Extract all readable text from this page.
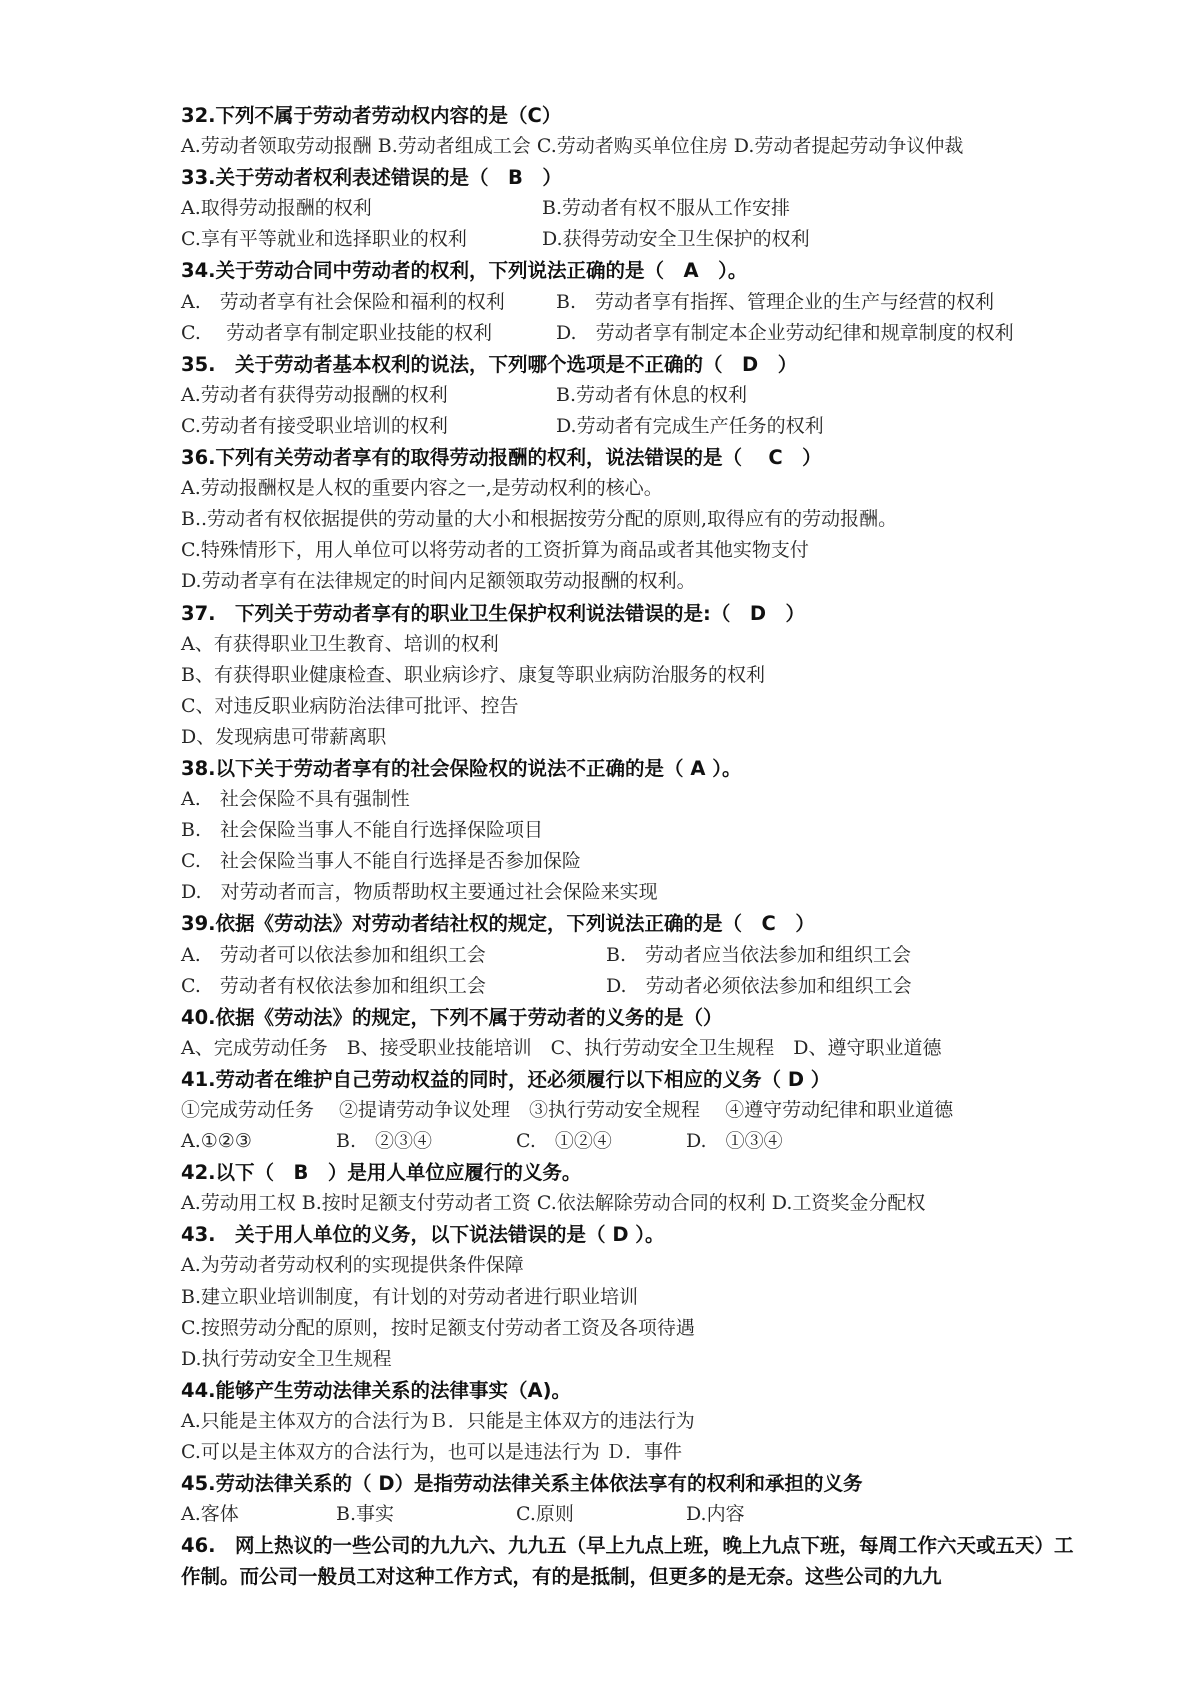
32.下列不属于劳动者劳动权内容的是（C）
A.劳动者领取劳动报酬 B.劳动者组成工会 C.劳动者购买单位住房 D.劳动者提起劳动争议仲裁
33.关于劳动者权利表述错误的是（　B　）
A.取得劳动报酬的权利	B.劳动者有权不服从工作安排
C.享有平等就业和选择职业的权利	D.获得劳动安全卫生保护的权利
34.关于劳动合同中劳动者的权利，下列说法正确的是（　A　）。
A.　劳动者享有社会保险和福利的权利	B.　劳动者享有指挥、管理企业的生产与经营的权利
C.　 劳动者享有制定职业技能的权利	D.　劳动者享有制定本企业劳动纪律和规章制度的权利
35.　关于劳动者基本权利的说法，下列哪个选项是不正确的（　D　）
A.劳动者有获得劳动报酬的权利	B.劳动者有休息的权利
C.劳动者有接受职业培训的权利	D.劳动者有完成生产任务的权利
36.下列有关劳动者享有的取得劳动报酬的权利，说法错误的是（　 C　）
A.劳动报酬权是人权的重要内容之一,是劳动权利的核心。
B..劳动者有权依据提供的劳动量的大小和根据按劳分配的原则,取得应有的劳动报酬。
C.特殊情形下，用人单位可以将劳动者的工资折算为商品或者其他实物支付
D.劳动者享有在法律规定的时间内足额领取劳动报酬的权利。
37.　下列关于劳动者享有的职业卫生保护权利说法错误的是:（　D　）
A、有获得职业卫生教育、培训的权利
B、有获得职业健康检查、职业病诊疗、康复等职业病防治服务的权利
C、对违反职业病防治法律可批评、控告
D、发现病患可带薪离职
38.以下关于劳动者享有的社会保险权的说法不正确的是（ A ）。
A.　社会保险不具有强制性
B.　社会保险当事人不能自行选择保险项目
C.　社会保险当事人不能自行选择是否参加保险
D.　对劳动者而言，物质帮助权主要通过社会保险来实现
39.依据《劳动法》对劳动者结社权的规定，下列说法正确的是（　C　）
A.　劳动者可以依法参加和组织工会	B.　劳动者应当依法参加和组织工会
C.　劳动者有权依法参加和组织工会	D.　劳动者必须依法参加和组织工会
40.依据《劳动法》的规定，下列不属于劳动者的义务的是（）
A、完成劳动任务　B、接受职业技能培训　C、执行劳动安全卫生规程　D、遵守职业道德
41.劳动者在维护自己劳动权益的同时，还必须履行以下相应的义务（ D ）
①完成劳动任务　 ②提请劳动争议处理　③执行劳动安全规程　 ④遵守劳动纪律和职业道德
A.①②③	B.　②③④	C.　①②④	D.　①③④
42.以下（　B　）是用人单位应履行的义务。
A.劳动用工权 B.按时足额支付劳动者工资 C.依法解除劳动合同的权利 D.工资奖金分配权
43.　关于用人单位的义务，以下说法错误的是（ D ）。
A.为劳动者劳动权利的实现提供条件保障
B.建立职业培训制度，有计划的对劳动者进行职业培训
C.按照劳动分配的原则，按时足额支付劳动者工资及各项待遇
D.执行劳动安全卫生规程
44.能够产生劳动法律关系的法律事实（A)。
A.只能是主体双方的合法行为Ｂ．只能是主体双方的违法行为
C.可以是主体双方的合法行为，也可以是违法行为 Ｄ．事件
45.劳动法律关系的（ D）是指劳动法律关系主体依法享有的权利和承担的义务
A.客体	B.事实	C.原则	D.内容
46.　网上热议的一些公司的九九六、九九五（早上九点上班，晚上九点下班，每周工作六天或五天）工作制。而公司一般员工对这种工作方式，有的是抵制，但更多的是无奈。这些公司的九九
